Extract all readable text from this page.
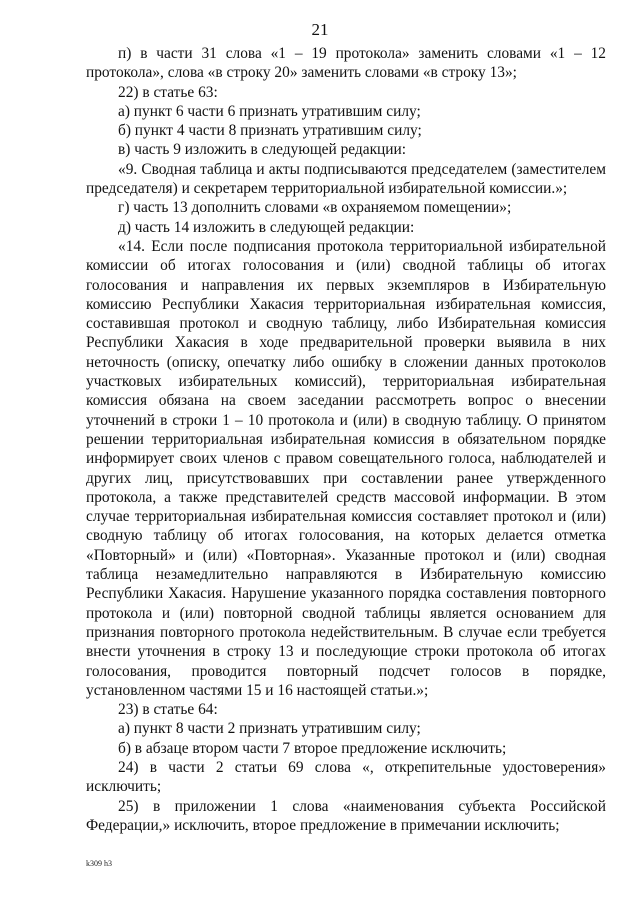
21

п) в части 31 слова «1 – 19 протокола» заменить словами «1 – 12 протокола», слова «в строку 20» заменить словами «в строку 13»;

22) в статье 63:

а) пункт 6 части 6 признать утратившим силу;

б) пункт 4 части 8 признать утратившим силу;

в) часть 9 изложить в следующей редакции:

«9. Сводная таблица и акты подписываются председателем (заместителем председателя) и секретарем территориальной избирательной комиссии.»;

г) часть 13 дополнить словами «в охраняемом помещении»;

д) часть 14 изложить в следующей редакции:

«14. Если после подписания протокола территориальной избирательной комиссии об итогах голосования и (или) сводной таблицы об итогах голосования и направления их первых экземпляров в Избирательную комиссию Республики Хакасия территориальная избирательная комиссия, составившая протокол и сводную таблицу, либо Избирательная комиссия Республики Хакасия в ходе предварительной проверки выявила в них неточность (описку, опечатку либо ошибку в сложении данных протоколов участковых избирательных комиссий), территориальная избирательная комиссия обязана на своем заседании рассмотреть вопрос о внесении уточнений в строки 1 – 10 протокола и (или) в сводную таблицу. О принятом решении территориальная избирательная комиссия в обязательном порядке информирует своих членов с правом совещательного голоса, наблюдателей и других лиц, присутствовавших при составлении ранее утвержденного протокола, а также представителей средств массовой информации. В этом случае территориальная избирательная комиссия составляет протокол и (или) сводную таблицу об итогах голосования, на которых делается отметка «Повторный» и (или) «Повторная». Указанные протокол и (или) сводная таблица незамедлительно направляются в Избирательную комиссию Республики Хакасия. Нарушение указанного порядка составления повторного протокола и (или) повторной сводной таблицы является основанием для признания повторного протокола недействительным. В случае если требуется внести уточнения в строку 13 и последующие строки протокола об итогах голосования, проводится повторный подсчет голосов в порядке, установленном частями 15 и 16 настоящей статьи.»;

23) в статье 64:

а) пункт 8 части 2 признать утратившим силу;

б) в абзаце втором части 7 второе предложение исключить;

24) в части 2 статьи 69 слова «, открепительные удостоверения» исключить;

25) в приложении 1 слова «наименования субъекта Российской Федерации,» исключить, второе предложение в примечании исключить;

k309 h3
